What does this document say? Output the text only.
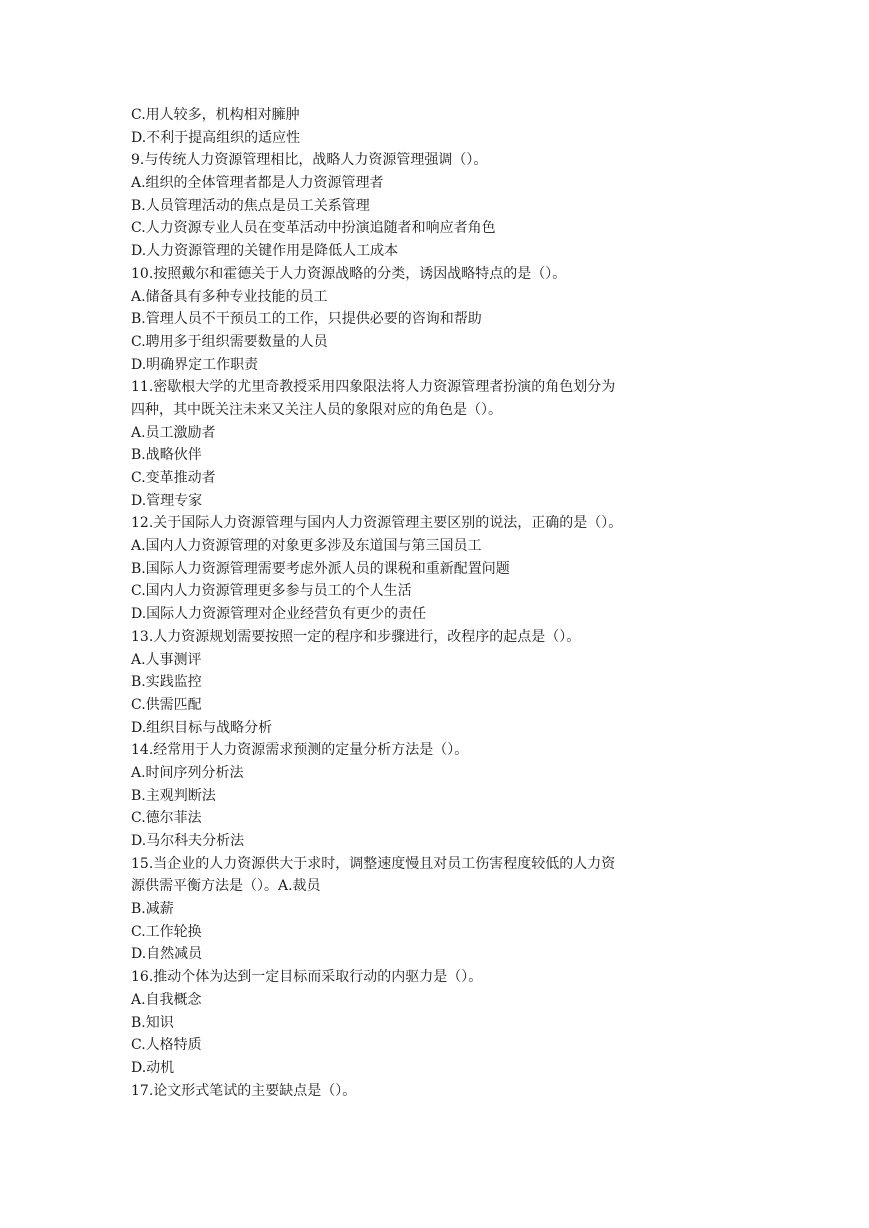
C.用人较多，机构相对臃肿

D.不利于提高组织的适应性

9.与传统人力资源管理相比，战略人力资源管理强调（）。

A.组织的全体管理者都是人力资源管理者

B.人员管理活动的焦点是员工关系管理

C.人力资源专业人员在变革活动中扮演追随者和响应者角色

D.人力资源管理的关键作用是降低人工成本

10.按照戴尔和霍德关于人力资源战略的分类，诱因战略特点的是（）。

A.储备具有多种专业技能的员工

B.管理人员不干预员工的工作，只提供必要的咨询和帮助

C.聘用多于组织需要数量的人员

D.明确界定工作职责

11.密歇根大学的尤里奇教授采用四象限法将人力资源管理者扮演的角色划分为

四种，其中既关注未来又关注人员的象限对应的角色是（）。

A.员工激励者

B.战略伙伴

C.变革推动者

D.管理专家

12.关于国际人力资源管理与国内人力资源管理主要区别的说法，正确的是（）。

A.国内人力资源管理的对象更多涉及东道国与第三国员工

B.国际人力资源管理需要考虑外派人员的课税和重新配置问题

C.国内人力资源管理更多参与员工的个人生活

D.国际人力资源管理对企业经营负有更少的责任

13.人力资源规划需要按照一定的程序和步骤进行，改程序的起点是（）。

A.人事测评

B.实践监控

C.供需匹配

D.组织目标与战略分析

14.经常用于人力资源需求预测的定量分析方法是（）。

A.时间序列分析法

B.主观判断法

C.德尔菲法

D.马尔科夫分析法

15.当企业的人力资源供大于求时，调整速度慢且对员工伤害程度较低的人力资

源供需平衡方法是（）。A.裁员

B.减薪

C.工作轮换

D.自然减员

16.推动个体为达到一定目标而采取行动的内驱力是（）。

A.自我概念

B.知识

C.人格特质

D.动机

17.论文形式笔试的主要缺点是（）。
